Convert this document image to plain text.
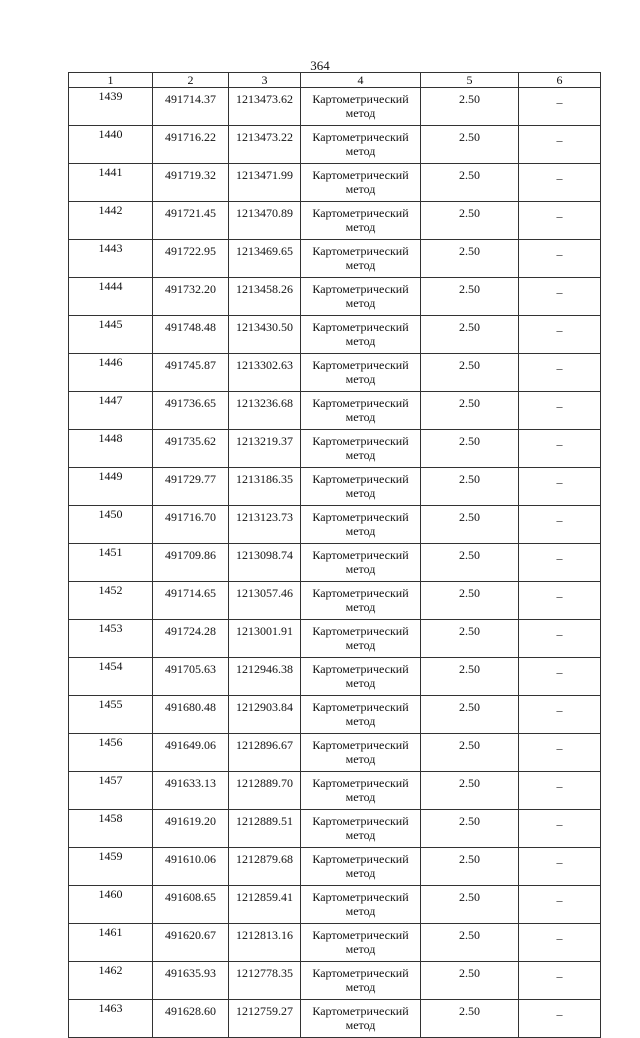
364
1	2	3	4	5	6
1439	491714.37	1213473.62	Картометрический метод	2.50	–
1440	491716.22	1213473.22	Картометрический метод	2.50	–
1441	491719.32	1213471.99	Картометрический метод	2.50	–
1442	491721.45	1213470.89	Картометрический метод	2.50	–
1443	491722.95	1213469.65	Картометрический метод	2.50	–
1444	491732.20	1213458.26	Картометрический метод	2.50	–
1445	491748.48	1213430.50	Картометрический метод	2.50	–
1446	491745.87	1213302.63	Картометрический метод	2.50	–
1447	491736.65	1213236.68	Картометрический метод	2.50	–
1448	491735.62	1213219.37	Картометрический метод	2.50	–
1449	491729.77	1213186.35	Картометрический метод	2.50	–
1450	491716.70	1213123.73	Картометрический метод	2.50	–
1451	491709.86	1213098.74	Картометрический метод	2.50	–
1452	491714.65	1213057.46	Картометрический метод	2.50	–
1453	491724.28	1213001.91	Картометрический метод	2.50	–
1454	491705.63	1212946.38	Картометрический метод	2.50	–
1455	491680.48	1212903.84	Картометрический метод	2.50	–
1456	491649.06	1212896.67	Картометрический метод	2.50	–
1457	491633.13	1212889.70	Картометрический метод	2.50	–
1458	491619.20	1212889.51	Картометрический метод	2.50	–
1459	491610.06	1212879.68	Картометрический метод	2.50	–
1460	491608.65	1212859.41	Картометрический метод	2.50	–
1461	491620.67	1212813.16	Картометрический метод	2.50	–
1462	491635.93	1212778.35	Картометрический метод	2.50	–
1463	491628.60	1212759.27	Картометрический метод	2.50	–
